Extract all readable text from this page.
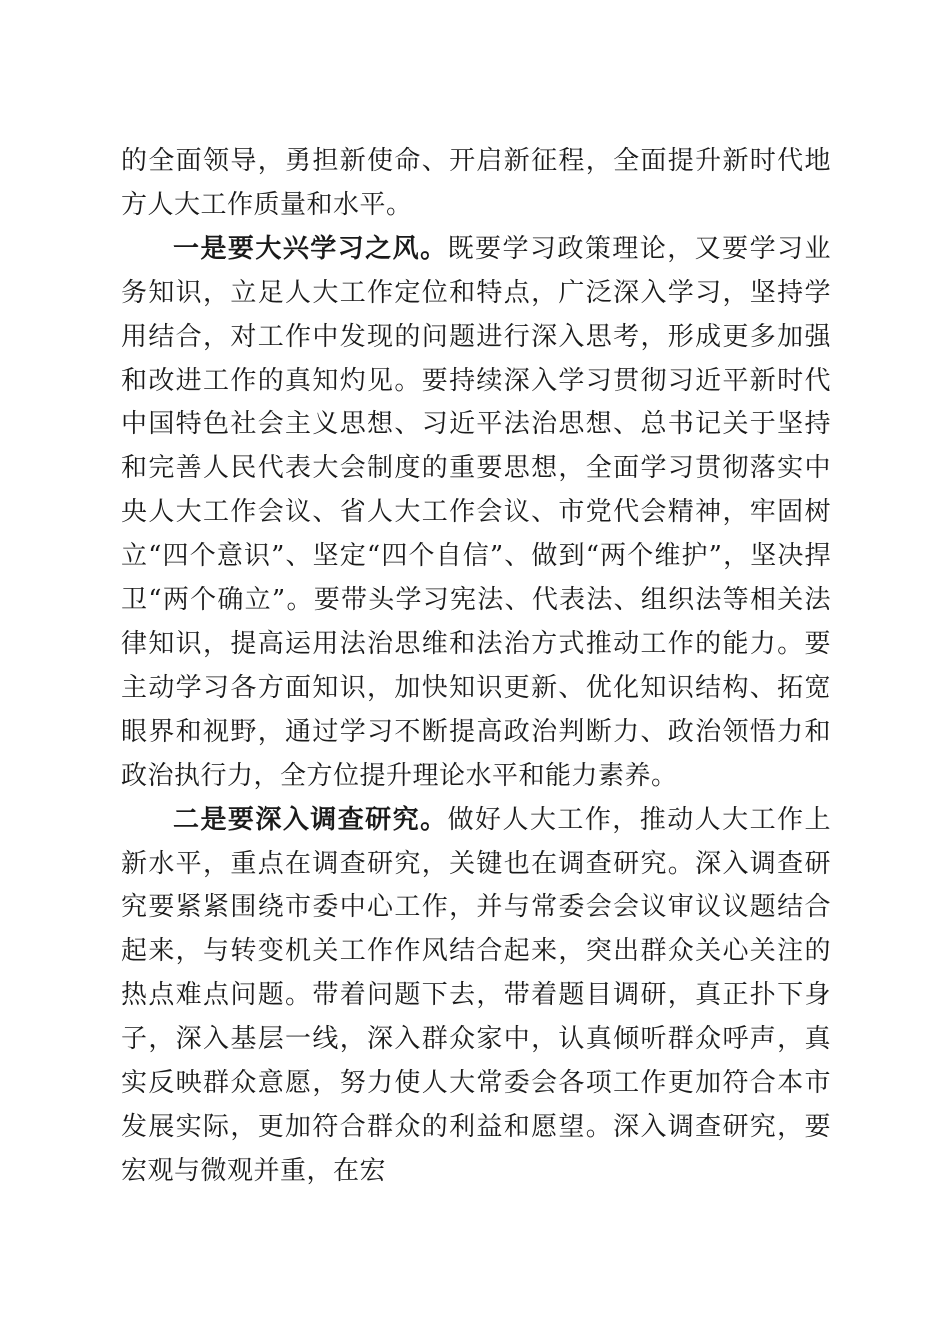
的全面领导，勇担新使命、开启新征程，全面提升新时代地方人大工作质量和水平。

一是要大兴学习之风。既要学习政策理论，又要学习业务知识，立足人大工作定位和特点，广泛深入学习，坚持学用结合，对工作中发现的问题进行深入思考，形成更多加强和改进工作的真知灼见。要持续深入学习贯彻习近平新时代中国特色社会主义思想、习近平法治思想、总书记关于坚持和完善人民代表大会制度的重要思想，全面学习贯彻落实中央人大工作会议、省人大工作会议、市党代会精神，牢固树立“四个意识”、坚定“四个自信”、做到“两个维护”，坚决捍卫“两个确立”。要带头学习宪法、代表法、组织法等相关法律知识，提高运用法治思维和法治方式推动工作的能力。要主动学习各方面知识，加快知识更新、优化知识结构、拓宽眼界和视野，通过学习不断提高政治判断力、政治领悟力和政治执行力，全方位提升理论水平和能力素养。

二是要深入调查研究。做好人大工作，推动人大工作上新水平，重点在调查研究，关键也在调查研究。深入调查研究要紧紧围绕市委中心工作，并与常委会会议审议议题结合起来，与转变机关工作作风结合起来，突出群众关心关注的热点难点问题。带着问题下去，带着题目调研，真正扑下身子，深入基层一线，深入群众家中，认真倾听群众呼声，真实反映群众意愿，努力使人大常委会各项工作更加符合本市发展实际，更加符合群众的利益和愿望。深入调查研究，要宏观与微观并重，在宏
